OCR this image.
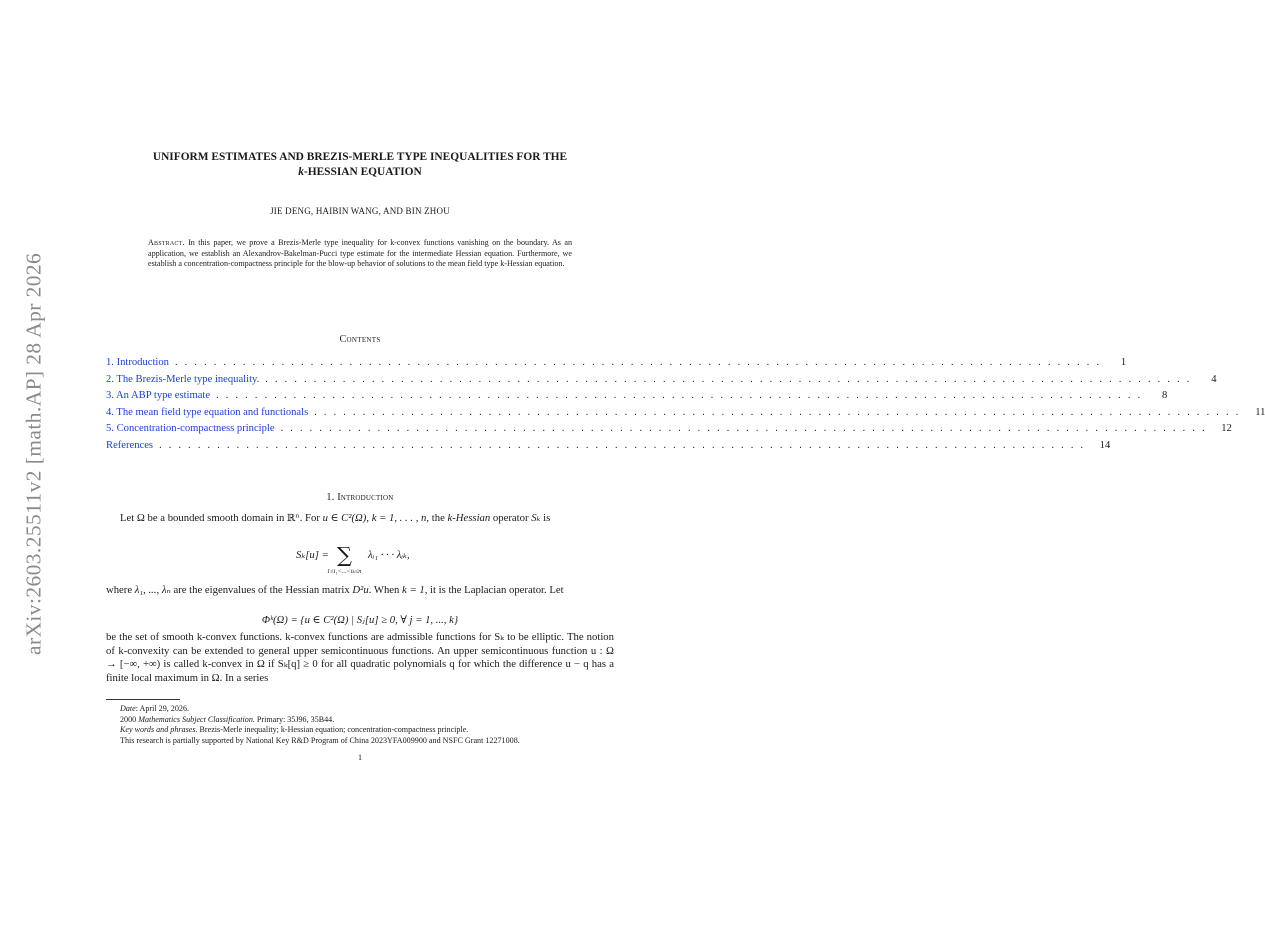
arXiv:2603.25511v2 [math.AP] 28 Apr 2026
UNIFORM ESTIMATES AND BREZIS-MERLE TYPE INEQUALITIES FOR THE
k-HESSIAN EQUATION
JIE DENG, HAIBIN WANG, AND BIN ZHOU
Abstract. In this paper, we prove a Brezis-Merle type inequality for k-convex functions vanishing on the boundary. As an application, we establish an Alexandrov-Bakelman-Pucci type estimate for the intermediate Hessian equation. Furthermore, we establish a concentration-compactness principle for the blow-up behavior of solutions to the mean field type k-Hessian equation.
Contents
1. Introduction ................................................................................................	1
2. The Brezis-Merle type inequality. ................................................................................................	4
3. An ABP type estimate ................................................................................................	8
4. The mean field type equation and functionals ................................................................................................ 11
5. Concentration-compactness principle ................................................................................................ 12
References ................................................................................................ 14
1. Introduction
Let Ω be a bounded smooth domain in ℝⁿ. For u ∈ C²(Ω), k = 1, . . . , n, the k-Hessian operator Sₖ is
Sₖ[u] = ∑
1≤i₁<...<iₖ≤n
λᵢ₁ · · · λᵢₖ,
where λ₁, ..., λₙ are the eigenvalues of the Hessian matrix D²u. When k = 1, it is the Laplacian operator. Let
Φᵏ(Ω) = {u ∈ C²(Ω) | Sⱼ[u] ≥ 0, ∀ j = 1, ..., k}
be the set of smooth k-convex functions. k-convex functions are admissible functions for Sₖ to be elliptic. The notion of k-convexity can be extended to general upper semicontinuous functions. An upper semicontinuous function u : Ω → [−∞, +∞) is called k-convex in Ω if Sₖ[q] ≥ 0 for all quadratic polynomials q for which the difference u − q has a finite local maximum in Ω. In a series
Date: April 29, 2026.
2000 Mathematics Subject Classification. Primary: 35J96, 35B44.
Key words and phrases. Brezis-Merle inequality; k-Hessian equation; concentration-compactness principle.
This research is partially supported by National Key R&D Program of China 2023YFA009900 and NSFC Grant 12271008.
1
